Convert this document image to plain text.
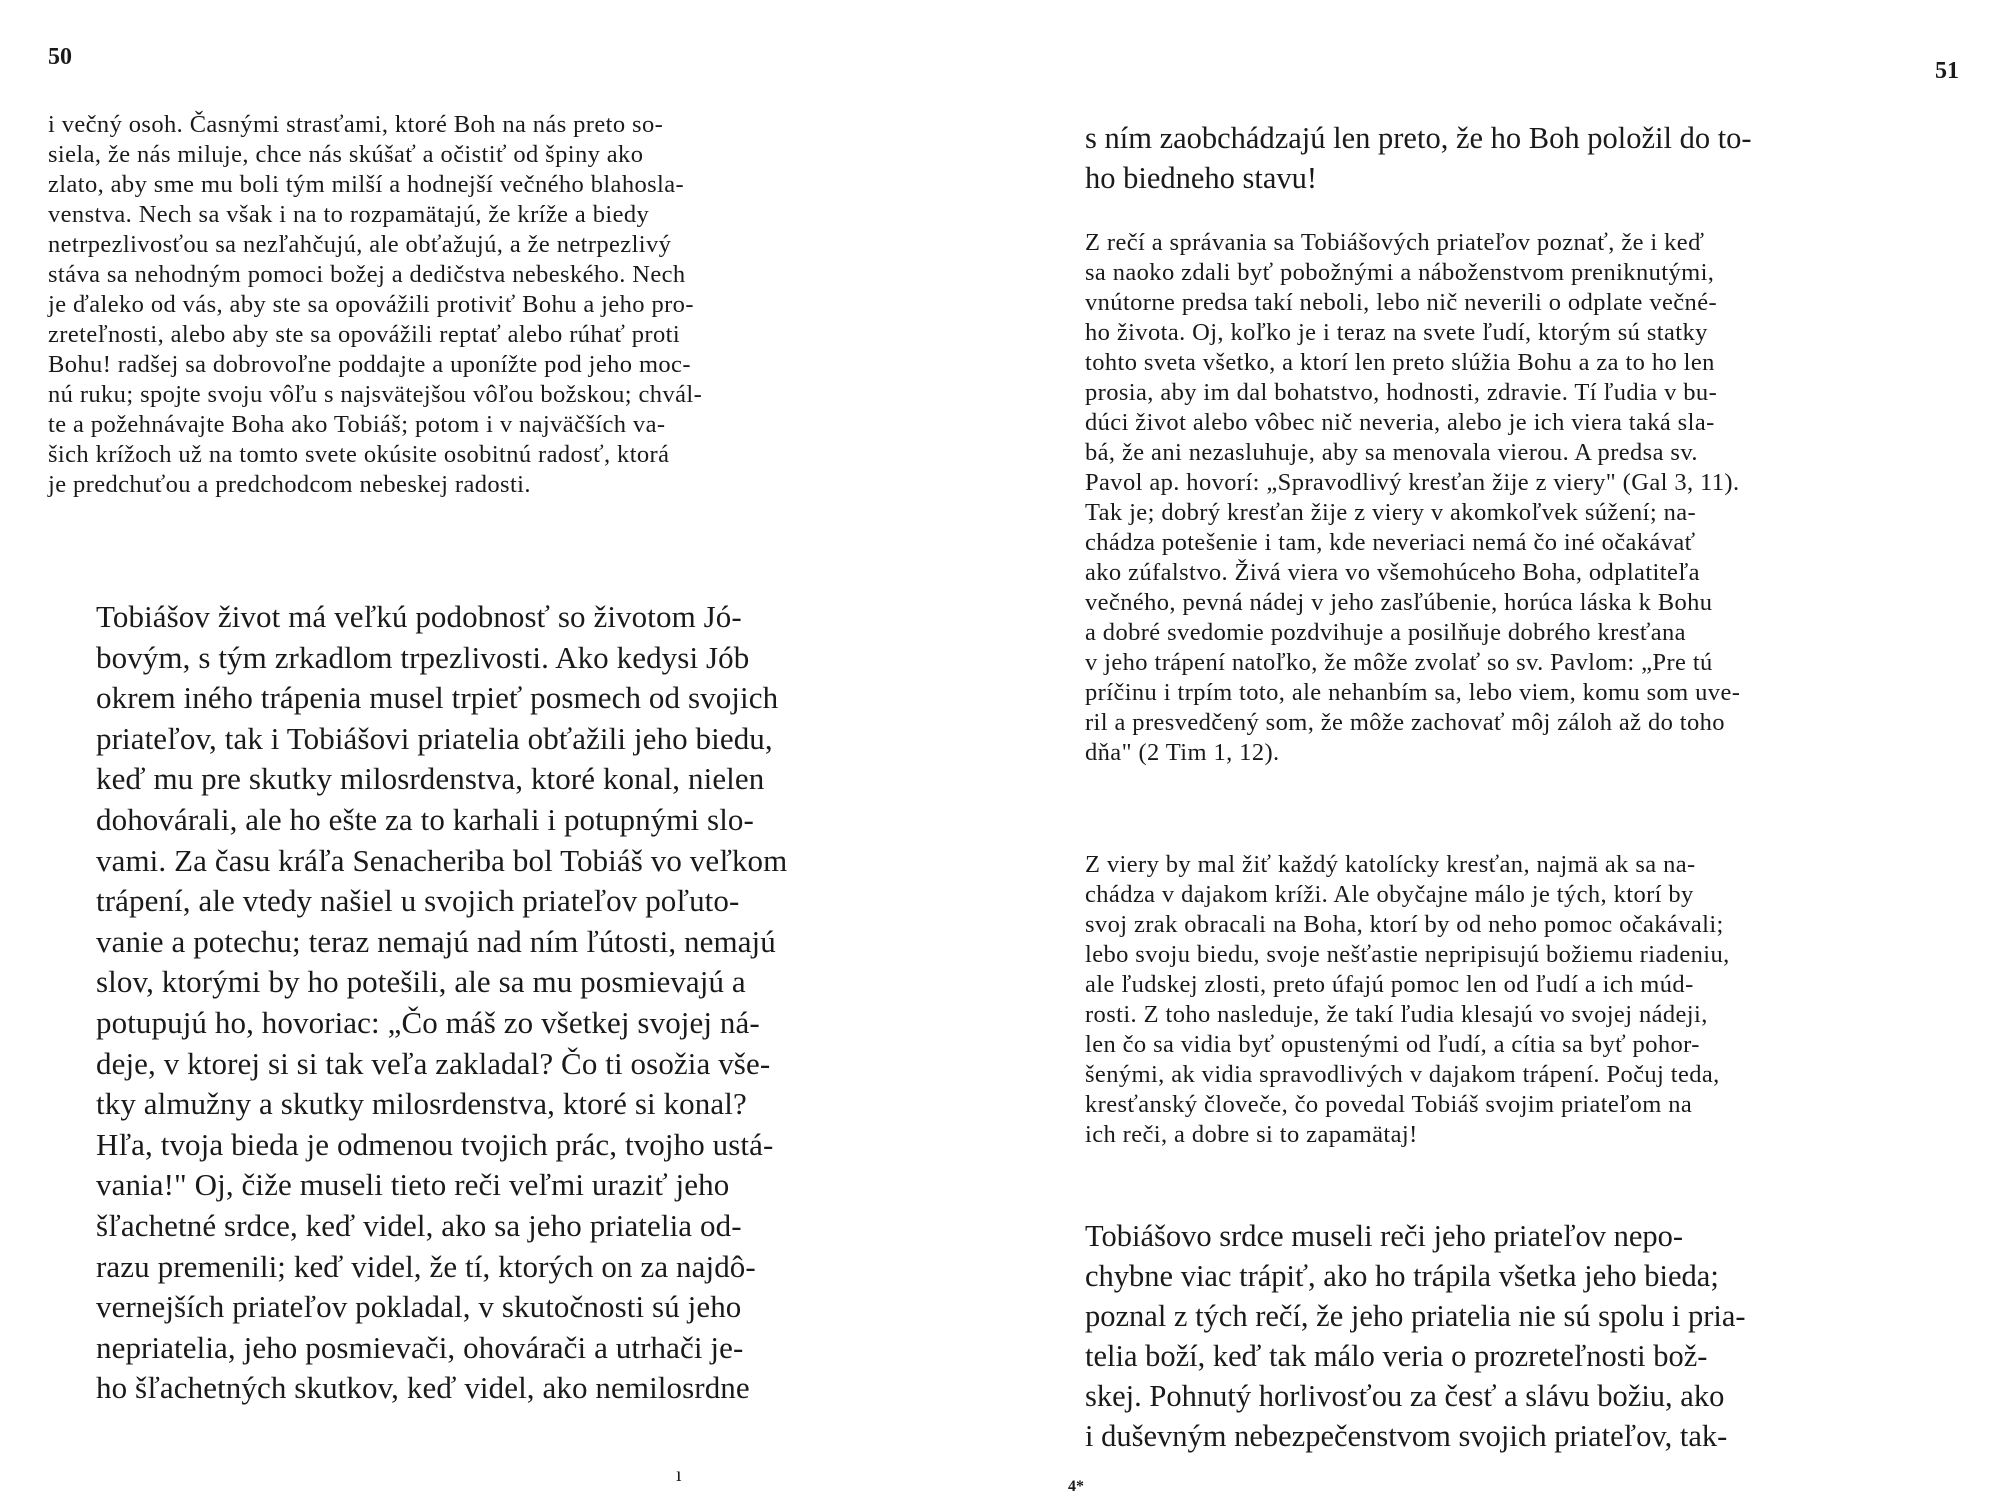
50
i večný osoh. Časnými strasťami, ktoré Boh na nás preto so-
siela, že nás miluje, chce nás skúšať a očistiť od špiny ako
zlato, aby sme mu boli tým milší a hodnejší večného blahosla-
venstva. Nech sa však i na to rozpamätajú, že kríže a biedy
netrpezlivosťou sa nezľahčujú, ale obťažujú, a že netrpezlivý
stáva sa nehodným pomoci božej a dedičstva nebeského. Nech
je ďaleko od vás, aby ste sa opovážili protiviť Bohu a jeho pro-
zreteľnosti, alebo aby ste sa opovážili reptať alebo rúhať proti
Bohu! radšej sa dobrovoľne poddajte a uponížte pod jeho moc-
nú ruku; spojte svoju vôľu s najsvätejšou vôľou božskou; chvál-
te a požehnávajte Boha ako Tobiáš; potom i v najväčších va-
šich krížoch už na tomto svete okúsite osobitnú radosť, ktorá
je predchuťou a predchodcom nebeskej radosti.
Tobiášov život má veľkú podobnosť so životom Jó-
bovým, s tým zrkadlom trpezlivosti. Ako kedysi Jób
okrem iného trápenia musel trpieť posmech od svojich
priateľov, tak i Tobiášovi priatelia obťažili jeho biedu,
keď mu pre skutky milosrdenstva, ktoré konal, nielen
dohovárali, ale ho ešte za to karhali i potupnými slo-
vami. Za času kráľa Senacheriba bol Tobiáš vo veľkom
trápení, ale vtedy našiel u svojich priateľov poľuto-
vanie a potechu; teraz nemajú nad ním ľútosti, nemajú
slov, ktorými by ho potešili, ale sa mu posmievajú a
potupujú ho, hovoriac: „Čo máš zo všetkej svojej ná-
deje, v ktorej si si tak veľa zakladal? Čo ti osožia vše-
tky almužny a skutky milosrdenstva, ktoré si konal?
Hľa, tvoja bieda je odmenou tvojich prác, tvojho ustá-
vania!" Oj, čiže museli tieto reči veľmi uraziť jeho
šľachetné srdce, keď videl, ako sa jeho priatelia od-
razu premenili; keď videl, že tí, ktorých on za najdô-
vernejších priateľov pokladal, v skutočnosti sú jeho
nepriatelia, jeho posmievači, ohovárači a utrhači je-
ho šľachetných skutkov, keď videl, ako nemilosrdne
ı
51
s ním zaobchádzajú len preto, že ho Boh položil do to-
ho biedneho stavu!
Z rečí a správania sa Tobiášových priateľov poznať, že i keď
sa naoko zdali byť pobožnými a náboženstvom preniknutými,
vnútorne predsa takí neboli, lebo nič neverili o odplate večné-
ho života. Oj, koľko je i teraz na svete ľudí, ktorým sú statky
tohto sveta všetko, a ktorí len preto slúžia Bohu a za to ho len
prosia, aby im dal bohatstvo, hodnosti, zdravie. Tí ľudia v bu-
dúci život alebo vôbec nič neveria, alebo je ich viera taká sla-
bá, že ani nezasluhuje, aby sa menovala vierou. A predsa sv.
Pavol ap. hovorí: „Spravodlivý kresťan žije z viery" (Gal 3, 11).
Tak je; dobrý kresťan žije z viery v akomkoľvek súžení; na-
chádza potešenie i tam, kde neveriaci nemá čo iné očakávať
ako zúfalstvo. Živá viera vo všemohúceho Boha, odplatiteľa
večného, pevná nádej v jeho zasľúbenie, horúca láska k Bohu
a dobré svedomie pozdvihuje a posilňuje dobrého kresťana
v jeho trápení natoľko, že môže zvolať so sv. Pavlom: „Pre tú
príčinu i trpím toto, ale nehanbím sa, lebo viem, komu som uve-
ril a presvedčený som, že môže zachovať môj záloh až do toho
dňa" (2 Tim 1, 12).
Z viery by mal žiť každý katolícky kresťan, najmä ak sa na-
chádza v dajakom kríži. Ale obyčajne málo je tých, ktorí by
svoj zrak obracali na Boha, ktorí by od neho pomoc očakávali;
lebo svoju biedu, svoje nešťastie nepripisujú božiemu riadeniu,
ale ľudskej zlosti, preto úfajú pomoc len od ľudí a ich múd-
rosti. Z toho nasleduje, že takí ľudia klesajú vo svojej nádeji,
len čo sa vidia byť opustenými od ľudí, a cítia sa byť pohor-
šenými, ak vidia spravodlivých v dajakom trápení. Počuj teda,
kresťanský človeče, čo povedal Tobiáš svojim priateľom na
ich reči, a dobre si to zapamätaj!
Tobiášovo srdce museli reči jeho priateľov nepo-
chybne viac trápiť, ako ho trápila všetka jeho bieda;
poznal z tých rečí, že jeho priatelia nie sú spolu i pria-
telia boží, keď tak málo veria o prozreteľnosti bož-
skej. Pohnutý horlivosťou za česť a slávu božiu, ako
i duševným nebezpečenstvom svojich priateľov, tak-
4*
